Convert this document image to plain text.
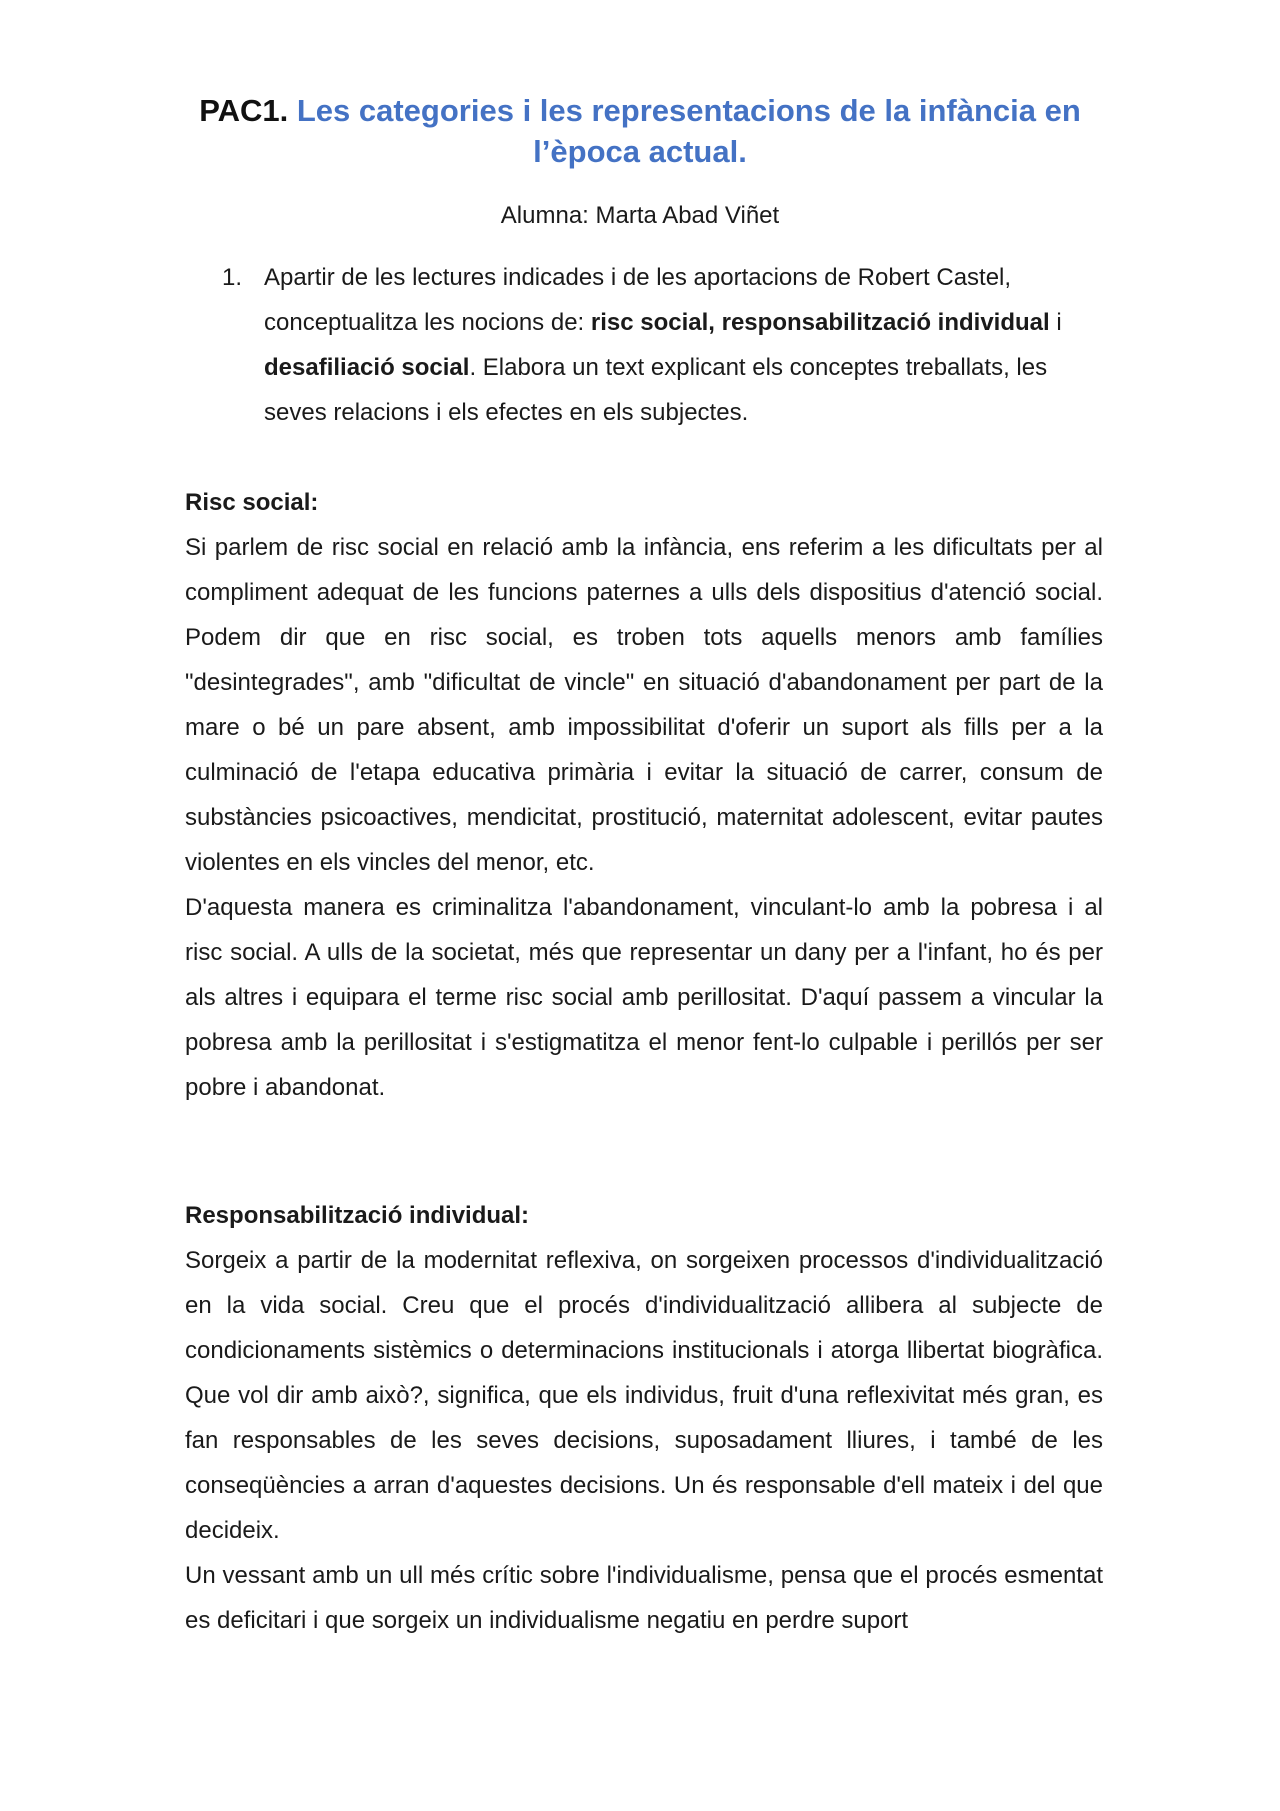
PAC1. Les categories i les representacions de la infància en l’època actual.
Alumna: Marta Abad Viñet
1. Apartir de les lectures indicades i de les aportacions de Robert Castel, conceptualitza les nocions de: risc social, responsabilització individual i desafiliació social. Elabora un text explicant els conceptes treballats, les seves relacions i els efectes en els subjectes.
Risc social:

Si parlem de risc social en relació amb la infància, ens referim a les dificultats per al compliment adequat de les funcions paternes a ulls dels dispositius d'atenció social. Podem dir que en risc social, es troben tots aquells menors amb famílies "desintegrades", amb "dificultat de vincle" en situació d'abandonament per part de la mare o bé un pare absent, amb impossibilitat d'oferir un suport als fills per a la culminació de l'etapa educativa primària i evitar la situació de carrer, consum de substàncies psicoactives, mendicitat, prostitució, maternitat adolescent, evitar pautes violentes en els vincles del menor, etc.

D'aquesta manera es criminalitza l'abandonament, vinculant-lo amb la pobresa i al risc social. A ulls de la societat, més que representar un dany per a l'infant, ho és per als altres i equipara el terme risc social amb perillositat. D'aquí passem a vincular la pobresa amb la perillositat i s'estigmatitza el menor fent-lo culpable i perillós per ser pobre i abandonat.

Responsabilització individual:

Sorgeix a partir de la modernitat reflexiva, on sorgeixen processos d'individualització en la vida social. Creu que el procés d'individualització allibera al subjecte de condicionaments sistèmics o determinacions institucionals i atorga llibertat biogràfica. Que vol dir amb això?, significa, que els individus, fruit d'una reflexivitat més gran, es fan responsables de les seves decisions, suposadament lliures, i també de les conseqüències a arran d'aquestes decisions. Un és responsable d'ell mateix i del que decideix.

Un vessant amb un ull més crític sobre l'individualisme, pensa que el procés esmentat es deficitari i que sorgeix un individualisme negatiu en perdre suport
